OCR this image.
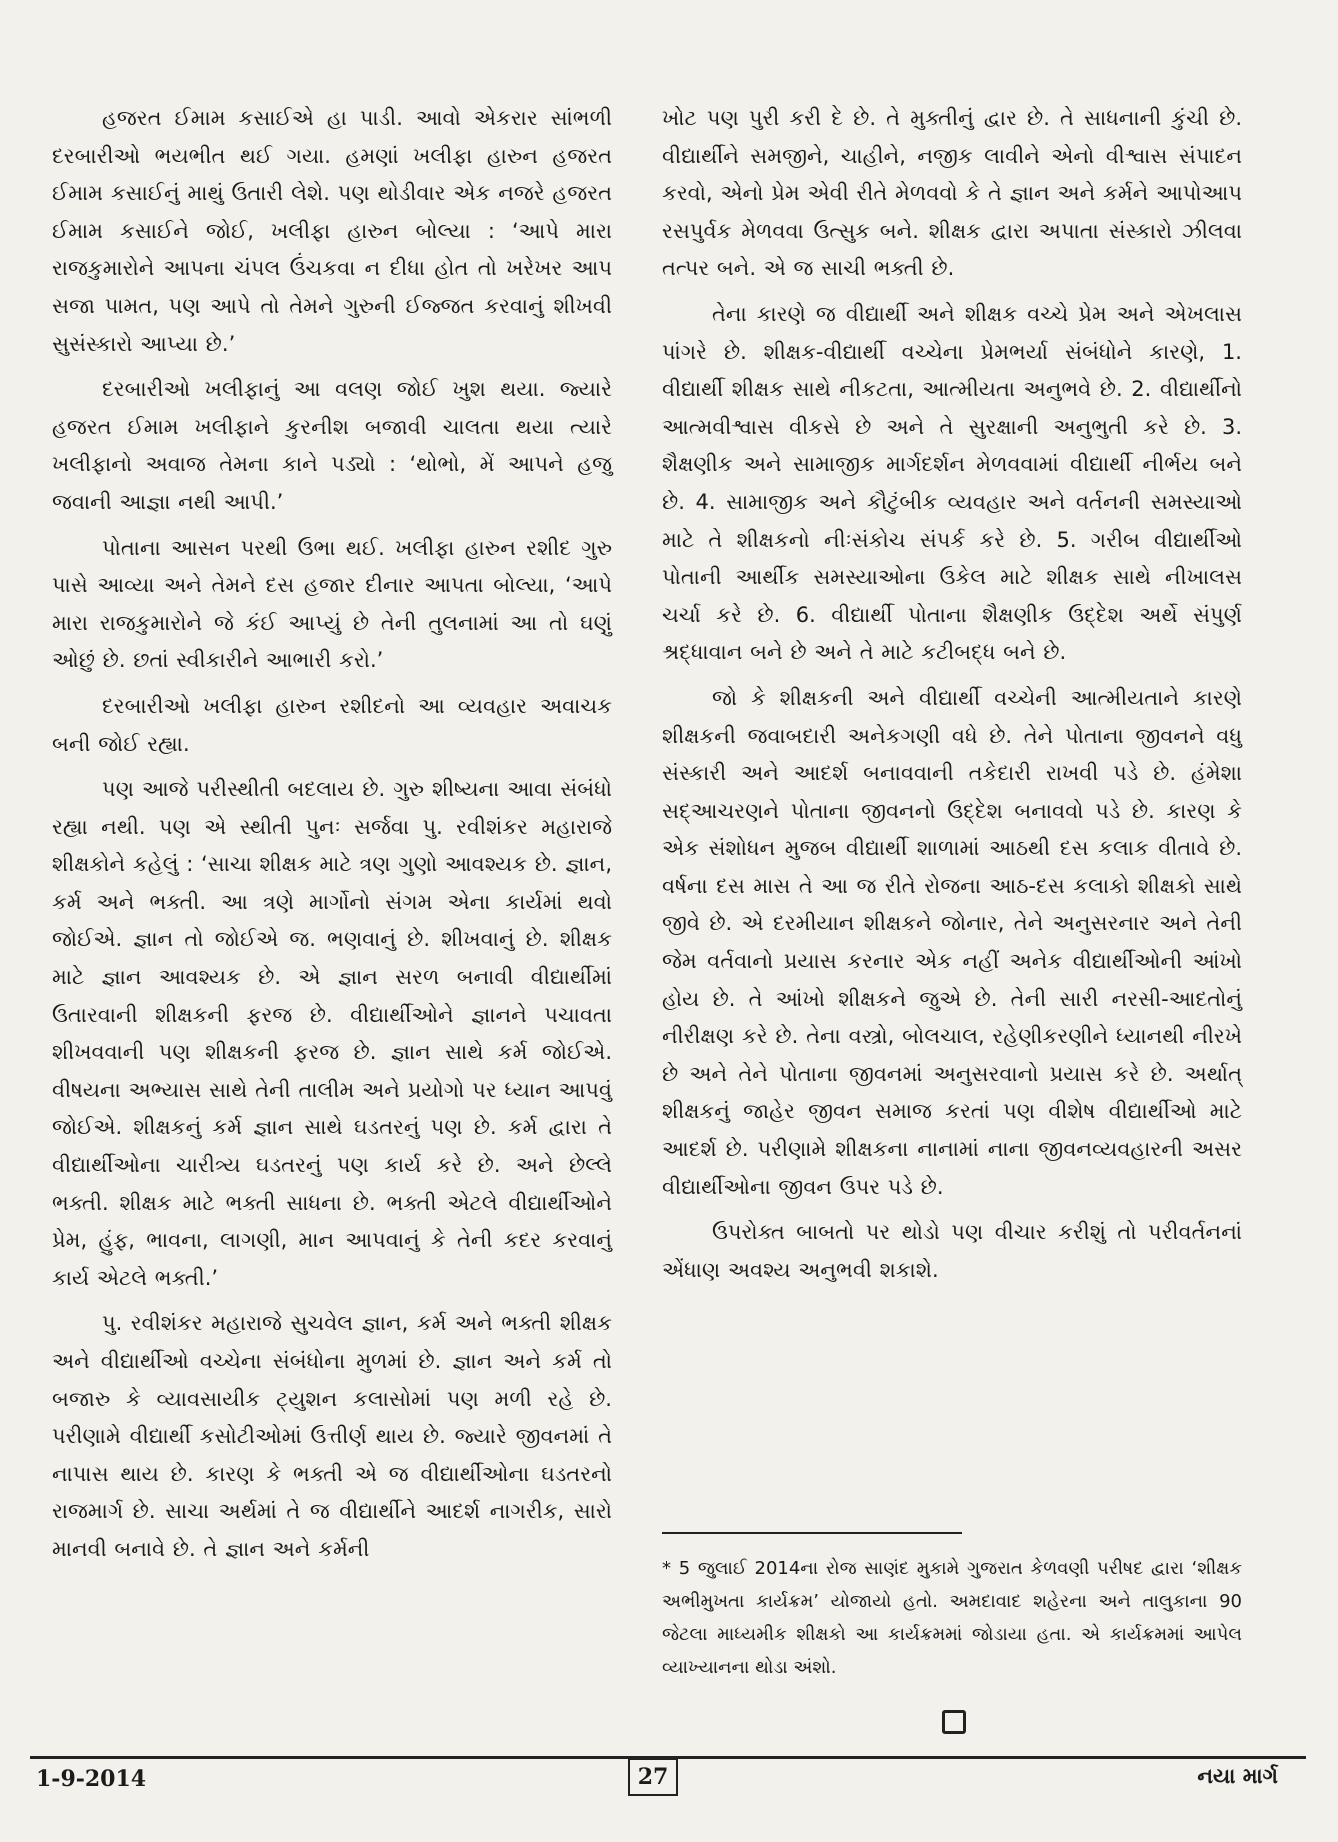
હજરત ઈમામ કસાઈએ હા પાડી. આવો એકરાર સાંભળી દરબારીઓ ભયભીત થઈ ગયા. હમણાં ખલીફા હારુન હજરત ઈમામ કસાઈનું માથું ઉતારી લેશે. પણ થોડીવાર એક નજરે હજરત ઈમામ કસાઈને જોઈ, ખલીફા હારુન બોલ્યા : ‘આપે મારા રાજકુમારોને આપના ચંપલ ઉંચકવા ન દીધા હોત તો ખરેખર આપ સજા પામત, પણ આપે તો તેમને ગુરુની ઈજ્જત કરવાનું શીખવી સુસંસ્કારો આપ્યા છે.’

દરબારીઓ ખલીફાનું આ વલણ જોઈ ખુશ થયા. જ્યારે હજરત ઈમામ ખલીફાને કુરનીશ બજાવી ચાલતા થયા ત્યારે ખલીફાનો અવાજ તેમના કાને પડ્યો : ‘થોભો, મેં આપને હજુ જવાની આજ્ઞા નથી આપી.’

પોતાના આસન પરથી ઉભા થઈ. ખલીફા હારુન રશીદ ગુરુ પાસે આવ્યા અને તેમને દસ હજાર દીનાર આપતા બોલ્યા, ‘આપે મારા રાજકુમારોને જે કંઈ આપ્યું છે તેની તુલનામાં આ તો ઘણું ઓછું છે. છતાં સ્વીકારીને આભારી કરો.’

દરબારીઓ ખલીફા હારુન રશીદનો આ વ્યવહાર અવાચક બની જોઈ રહ્યા.

પણ આજે પરીસ્થીતી બદલાય છે. ગુરુ શીષ્યના આવા સંબંધો રહ્યા નથી. પણ એ સ્થીતી પુનઃ સર્જવા પુ. રવીશંકર મહારાજે શીક્ષકોને કહેલું : ‘સાચા શીક્ષક માટે ત્રણ ગુણો આવશ્યક છે. જ્ઞાન, કર્મ અને ભક્તી. આ ત્રણે માર્ગોનો સંગમ એના કાર્યમાં થવો જોઈએ. જ્ઞાન તો જોઈએ જ. ભણવાનું છે. શીખવાનું છે. શીક્ષક માટે જ્ઞાન આવશ્યક છે. એ જ્ઞાન સરળ બનાવી વીદ્યાર્થીમાં ઉતારવાની શીક્ષકની ફરજ છે. વીદ્યાર્થીઓને જ્ઞાનને પચાવતા શીખવવાની પણ શીક્ષકની ફરજ છે. જ્ઞાન સાથે કર્મ જોઈએ. વીષયના અભ્યાસ સાથે તેની તાલીમ અને પ્રયોગો પર ધ્યાન આપવું જોઈએ. શીક્ષકનું કર્મ જ્ઞાન સાથે ઘડતરનું પણ છે. કર્મ દ્વારા તે વીદ્યાર્થીઓના ચારીત્ર્ય ઘડતરનું પણ કાર્ય કરે છે. અને છેલ્લે ભક્તી. શીક્ષક માટે ભક્તી સાધના છે. ભક્તી એટલે વીદ્યાર્થીઓને પ્રેમ, હુંફ, ભાવના, લાગણી, માન આપવાનું કે તેની કદર કરવાનું કાર્ય એટલે ભક્તી.’

પુ. રવીશંકર મહારાજે સુચવેલ જ્ઞાન, કર્મ અને ભક્તી શીક્ષક અને વીદ્યાર્થીઓ વચ્ચેના સંબંધોના મુળમાં છે. જ્ઞાન અને કર્મ તો બજારુ કે વ્યાવસાયીક ટ્યુશન કલાસોમાં પણ મળી રહે છે. પરીણામે વીદ્યાર્થી કસોટીઓમાં ઉત્તીર્ણ થાય છે. જ્યારે જીવનમાં તે નાપાસ થાય છે. કારણ કે ભક્તી એ જ વીદ્યાર્થીઓના ઘડતરનો રાજમાર્ગ છે. સાચા અર્થમાં તે જ વીદ્યાર્થીને આદર્શ નાગરીક, સારો માનવી બનાવે છે. તે જ્ઞાન અને કર્મની

ખોટ પણ પુરી કરી દે છે. તે મુક્તીનું દ્વાર છે. તે સાધનાની કુંચી છે. વીદ્યાર્થીને સમજીને, ચાહીને, નજીક લાવીને એનો વીશ્વાસ સંપાદન કરવો, એનો પ્રેમ એવી રીતે મેળવવો કે તે જ્ઞાન અને કર્મને આપોઆપ રસપુર્વક મેળવવા ઉત્સુક બને. શીક્ષક દ્વારા અપાતા સંસ્કારો ઝીલવા તત્પર બને. એ જ સાચી ભક્તી છે.

તેના કારણે જ વીદ્યાર્થી અને શીક્ષક વચ્ચે પ્રેમ અને એખલાસ પાંગરે છે. શીક્ષક-વીદ્યાર્થી વચ્ચેના પ્રેમભર્યા સંબંધોને કારણે, 1. વીદ્યાર્થી શીક્ષક સાથે નીકટતા, આત્મીયતા અનુભવે છે. 2. વીદ્યાર્થીનો આત્મવીશ્વાસ વીકસે છે અને તે સુરક્ષાની અનુભુતી કરે છે. 3. શૈક્ષણીક અને સામાજીક માર્ગદર્શન મેળવવામાં વીદ્યાર્થી નીર્ભય બને છે. 4. સામાજીક અને કૌટુંબીક વ્યવહાર અને વર્તનની સમસ્યાઓ માટે તે શીક્ષકનો નીઃસંકોચ સંપર્ક કરે છે. 5. ગરીબ વીદ્યાર્થીઓ પોતાની આર્થીક સમસ્યાઓના ઉકેલ માટે શીક્ષક સાથે નીખાલસ ચર્ચા કરે છે. 6. વીદ્યાર્થી પોતાના શૈક્ષણીક ઉદ્દેશ અર્થે સંપુર્ણ શ્રદ્ધાવાન બને છે અને તે માટે કટીબદ્ધ બને છે.

જો કે શીક્ષકની અને વીદ્યાર્થી વચ્ચેની આત્મીયતાને કારણે શીક્ષકની જવાબદારી અનેકગણી વધે છે. તેને પોતાના જીવનને વધુ સંસ્કારી અને આદર્શ બનાવવાની તકેદારી રાખવી પડે છે. હંમેશા સદ્આચરણને પોતાના જીવનનો ઉદ્દેશ બનાવવો પડે છે. કારણ કે એક સંશોધન મુજબ વીદ્યાર્થી શાળામાં આઠથી દસ કલાક વીતાવે છે. વર્ષના દસ માસ તે આ જ રીતે રોજના આઠ-દસ કલાકો શીક્ષકો સાથે જીવે છે. એ દરમીયાન શીક્ષકને જોનાર, તેને અનુસરનાર અને તેની જેમ વર્તવાનો પ્રયાસ કરનાર એક નહીં અનેક વીદ્યાર્થીઓની આંખો હોય છે. તે આંખો શીક્ષકને જુએ છે. તેની સારી નરસી-આદતોનું નીરીક્ષણ કરે છે. તેના વસ્ત્રો, બોલચાલ, રહેણીકરણીને ધ્યાનથી નીરખે છે અને તેને પોતાના જીવનમાં અનુસરવાનો પ્રયાસ કરે છે. અર્થાત્ શીક્ષકનું જાહેર જીવન સમાજ કરતાં પણ વીશેષ વીદ્યાર્થીઓ માટે આદર્શ છે. પરીણામે શીક્ષકના નાનામાં નાના જીવનવ્યવહારની અસર વીદ્યાર્થીઓના જીવન ઉપર પડે છે.

ઉપરોક્ત બાબતો પર થોડો પણ વીચાર કરીશું તો પરીવર્તનનાં એંધાણ અવશ્ય અનુભવી શકાશે.

* 5 જુલાઈ 2014ના રોજ સાણંદ મુકામે ગુજરાત કેળવણી પરીષદ દ્વારા ‘શીક્ષક અભીમુખતા કાર્યક્રમ’ યોજાયો હતો. અમદાવાદ શહેરના અને તાલુકાના 90 જેટલા માધ્યમીક શીક્ષકો આ કાર્યક્રમમાં જોડાયા હતા. એ કાર્યક્રમમાં આપેલ વ્યાખ્યાનના થોડા અંશો.
1-9-2014	27	નયા માર્ગ
